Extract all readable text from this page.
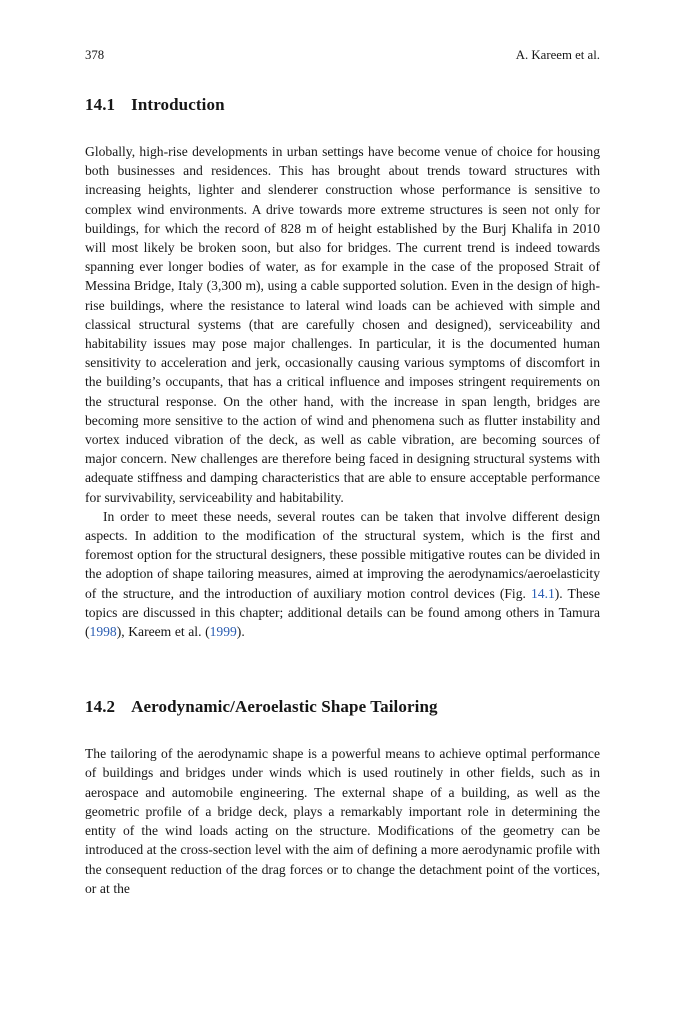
378	A. Kareem et al.
14.1 Introduction

Globally, high-rise developments in urban settings have become venue of choice for housing both businesses and residences. This has brought about trends toward structures with increasing heights, lighter and slenderer construction whose performance is sensitive to complex wind environments. A drive towards more extreme structures is seen not only for buildings, for which the record of 828 m of height established by the Burj Khalifa in 2010 will most likely be broken soon, but also for bridges. The current trend is indeed towards spanning ever longer bodies of water, as for example in the case of the proposed Strait of Messina Bridge, Italy (3,300 m), using a cable supported solution. Even in the design of high-rise buildings, where the resistance to lateral wind loads can be achieved with simple and classical structural systems (that are carefully chosen and designed), serviceability and habitability issues may pose major challenges. In particular, it is the documented human sensitivity to acceleration and jerk, occasionally causing various symptoms of discomfort in the building’s occupants, that has a critical influence and imposes stringent requirements on the structural response. On the other hand, with the increase in span length, bridges are becoming more sensitive to the action of wind and phenomena such as flutter instability and vortex induced vibration of the deck, as well as cable vibration, are becoming sources of major concern. New challenges are therefore being faced in designing structural systems with adequate stiffness and damping characteristics that are able to ensure acceptable performance for survivability, serviceability and habitability.

In order to meet these needs, several routes can be taken that involve different design aspects. In addition to the modification of the structural system, which is the first and foremost option for the structural designers, these possible mitigative routes can be divided in the adoption of shape tailoring measures, aimed at improving the aerodynamics/aeroelasticity of the structure, and the introduction of auxiliary motion control devices (Fig. 14.1). These topics are discussed in this chapter; additional details can be found among others in Tamura (1998), Kareem et al. (1999).

14.2 Aerodynamic/Aeroelastic Shape Tailoring

The tailoring of the aerodynamic shape is a powerful means to achieve optimal performance of buildings and bridges under winds which is used routinely in other fields, such as in aerospace and automobile engineering. The external shape of a building, as well as the geometric profile of a bridge deck, plays a remarkably important role in determining the entity of the wind loads acting on the structure. Modifications of the geometry can be introduced at the cross-section level with the aim of defining a more aerodynamic profile with the consequent reduction of the drag forces or to change the detachment point of the vortices, or at the
